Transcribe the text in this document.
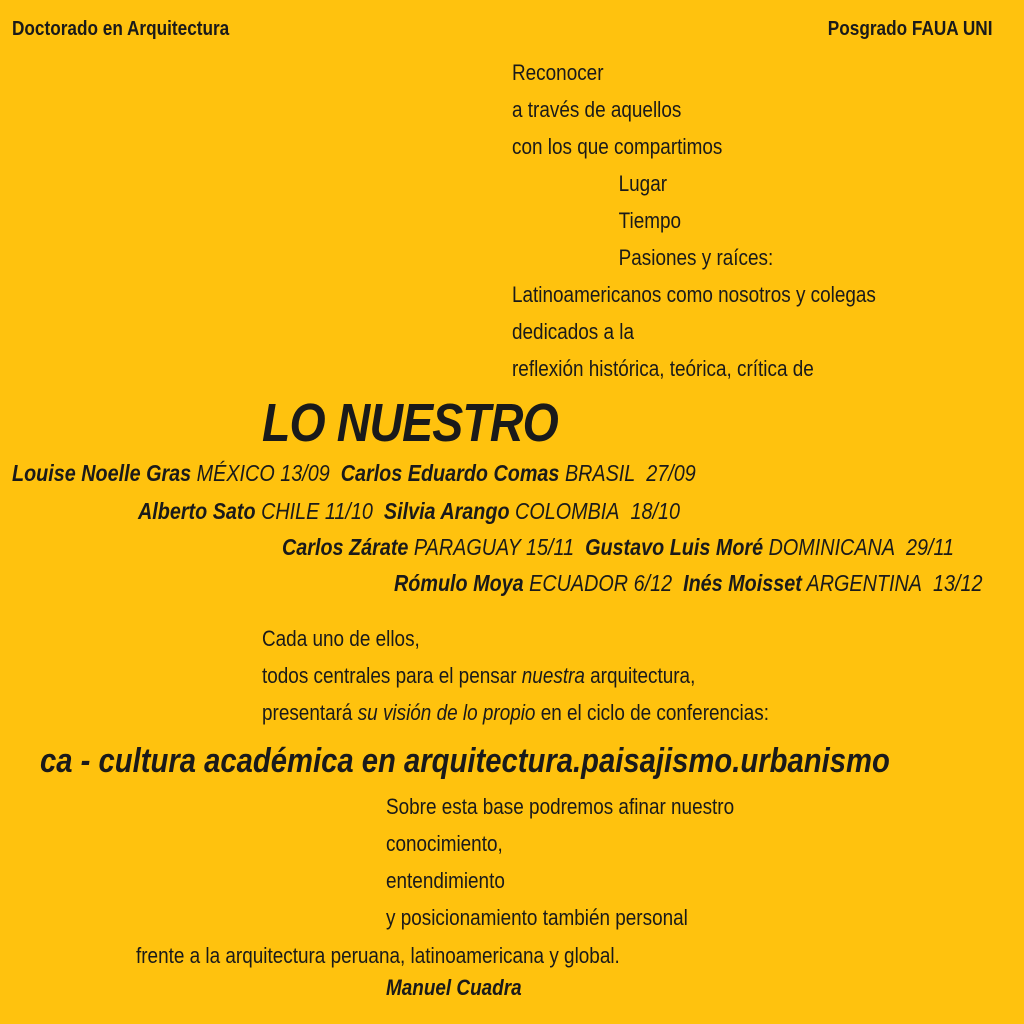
Doctorado en Arquitectura	Posgrado FAUA UNI
Reconocer
a través de aquellos
con los que compartimos
Lugar
Tiempo
Pasiones y raíces:
Latinoamericanos como nosotros y colegas
dedicados a la
reflexión histórica, teórica, crítica de
LO NUESTRO
Louise Noelle Gras MÉXICO 13/09 Carlos Eduardo Comas BRASIL 27/09
Alberto Sato CHILE 11/10 Silvia Arango COLOMBIA 18/10
Carlos Zárate PARAGUAY 15/11 Gustavo Luis Moré DOMINICANA 29/11
Rómulo Moya ECUADOR 6/12 Inés Moisset ARGENTINA 13/12
Cada uno de ellos,
todos centrales para el pensar nuestra arquitectura,
presentará su visión de lo propio en el ciclo de conferencias:
ca - cultura académica en arquitectura.paisajismo.urbanismo
Sobre esta base podremos afinar nuestro
conocimiento,
entendimiento
y posicionamiento también personal
frente a la arquitectura peruana, latinoamericana y global.
Manuel Cuadra
